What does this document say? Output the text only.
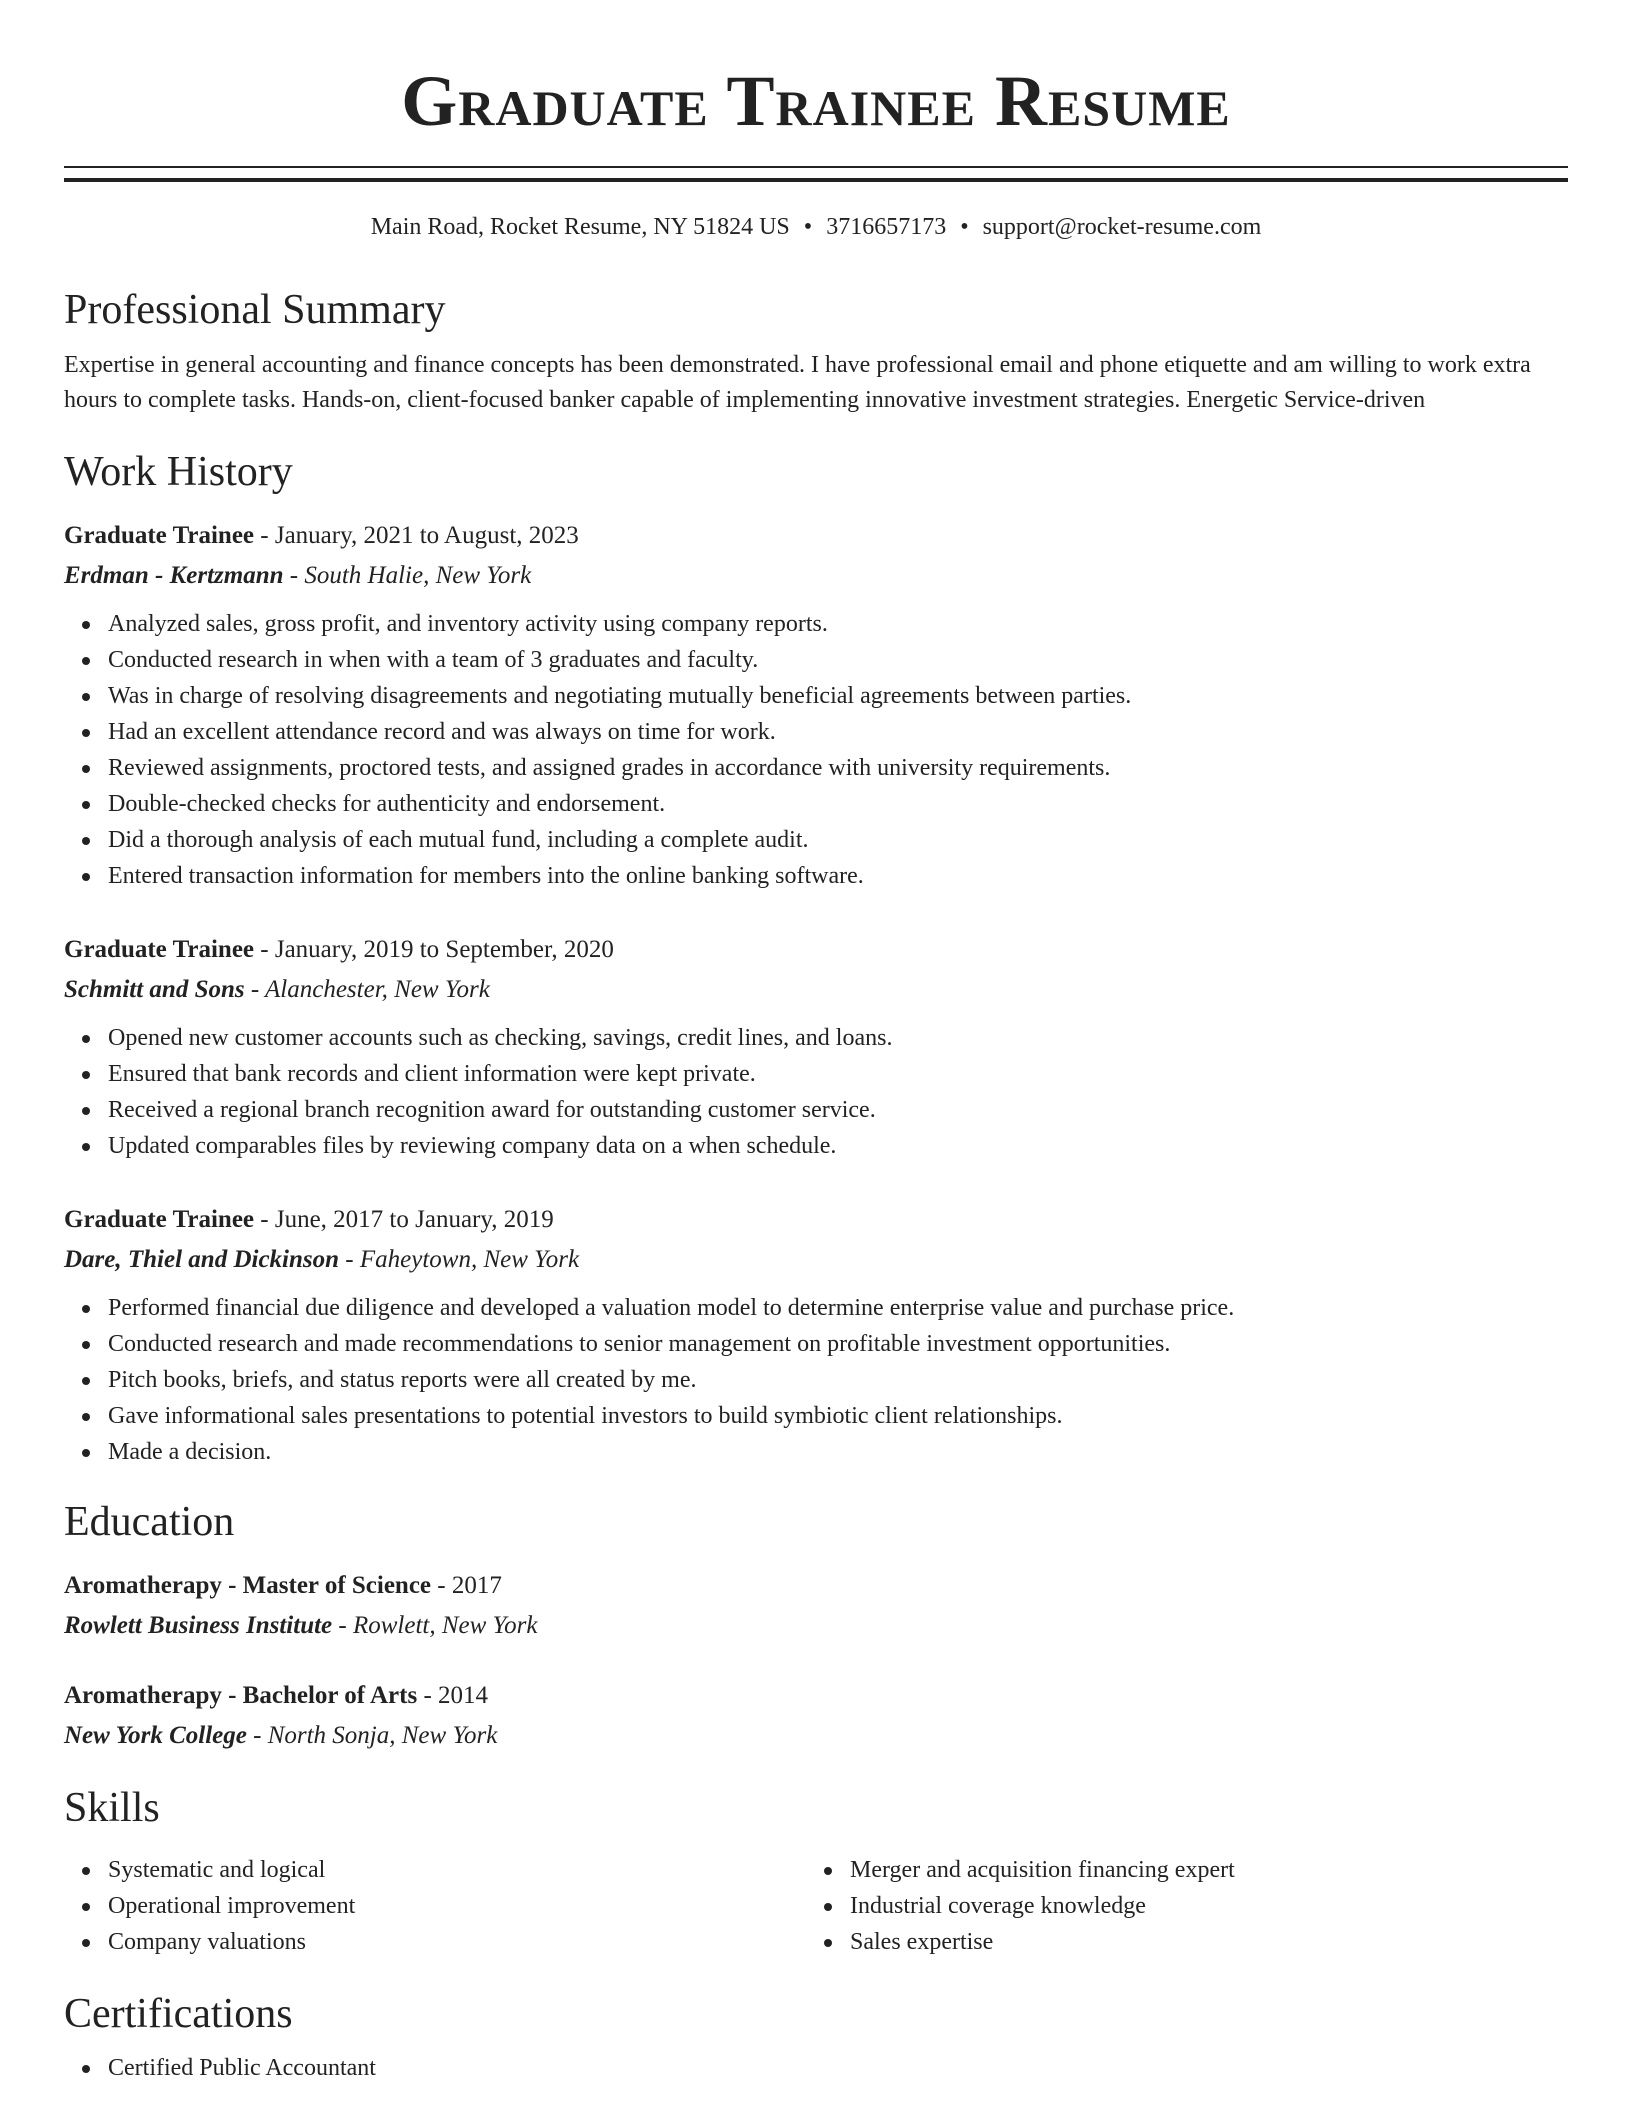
Graduate Trainee Resume
Main Road, Rocket Resume, NY 51824 US • 3716657173 • support@rocket-resume.com
Professional Summary
Expertise in general accounting and finance concepts has been demonstrated. I have professional email and phone etiquette and am willing to work extra hours to complete tasks. Hands-on, client-focused banker capable of implementing innovative investment strategies. Energetic Service-driven
Work History
Graduate Trainee - January, 2021 to August, 2023
Erdman - Kertzmann - South Halie, New York
Analyzed sales, gross profit, and inventory activity using company reports.
Conducted research in when with a team of 3 graduates and faculty.
Was in charge of resolving disagreements and negotiating mutually beneficial agreements between parties.
Had an excellent attendance record and was always on time for work.
Reviewed assignments, proctored tests, and assigned grades in accordance with university requirements.
Double-checked checks for authenticity and endorsement.
Did a thorough analysis of each mutual fund, including a complete audit.
Entered transaction information for members into the online banking software.
Graduate Trainee - January, 2019 to September, 2020
Schmitt and Sons - Alanchester, New York
Opened new customer accounts such as checking, savings, credit lines, and loans.
Ensured that bank records and client information were kept private.
Received a regional branch recognition award for outstanding customer service.
Updated comparables files by reviewing company data on a when schedule.
Graduate Trainee - June, 2017 to January, 2019
Dare, Thiel and Dickinson - Faheytown, New York
Performed financial due diligence and developed a valuation model to determine enterprise value and purchase price.
Conducted research and made recommendations to senior management on profitable investment opportunities.
Pitch books, briefs, and status reports were all created by me.
Gave informational sales presentations to potential investors to build symbiotic client relationships.
Made a decision.
Education
Aromatherapy - Master of Science - 2017
Rowlett Business Institute - Rowlett, New York
Aromatherapy - Bachelor of Arts - 2014
New York College - North Sonja, New York
Skills
Systematic and logical
Operational improvement
Company valuations
Merger and acquisition financing expert
Industrial coverage knowledge
Sales expertise
Certifications
Certified Public Accountant
